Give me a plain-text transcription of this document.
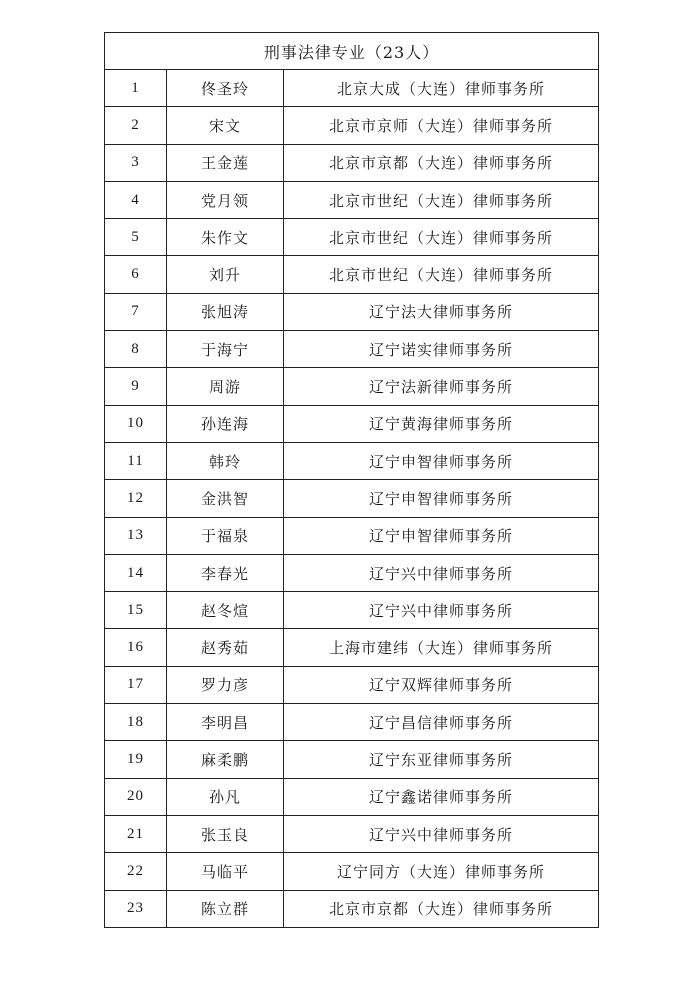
刑事法律专业（23人）		
1	佟圣玲	北京大成（大连）律师事务所
2	宋文	北京市京师（大连）律师事务所
3	王金莲	北京市京都（大连）律师事务所
4	党月领	北京市世纪（大连）律师事务所
5	朱作文	北京市世纪（大连）律师事务所
6	刘升	北京市世纪（大连）律师事务所
7	张旭涛	辽宁法大律师事务所
8	于海宁	辽宁诺实律师事务所
9	周游	辽宁法新律师事务所
10	孙连海	辽宁黄海律师事务所
11	韩玲	辽宁申智律师事务所
12	金洪智	辽宁申智律师事务所
13	于福泉	辽宁申智律师事务所
14	李春光	辽宁兴中律师事务所
15	赵冬煊	辽宁兴中律师事务所
16	赵秀茹	上海市建纬（大连）律师事务所
17	罗力彦	辽宁双辉律师事务所
18	李明昌	辽宁昌信律师事务所
19	麻柔鹏	辽宁东亚律师事务所
20	孙凡	辽宁鑫诺律师事务所
21	张玉良	辽宁兴中律师事务所
22	马临平	辽宁同方（大连）律师事务所
23	陈立群	北京市京都（大连）律师事务所
